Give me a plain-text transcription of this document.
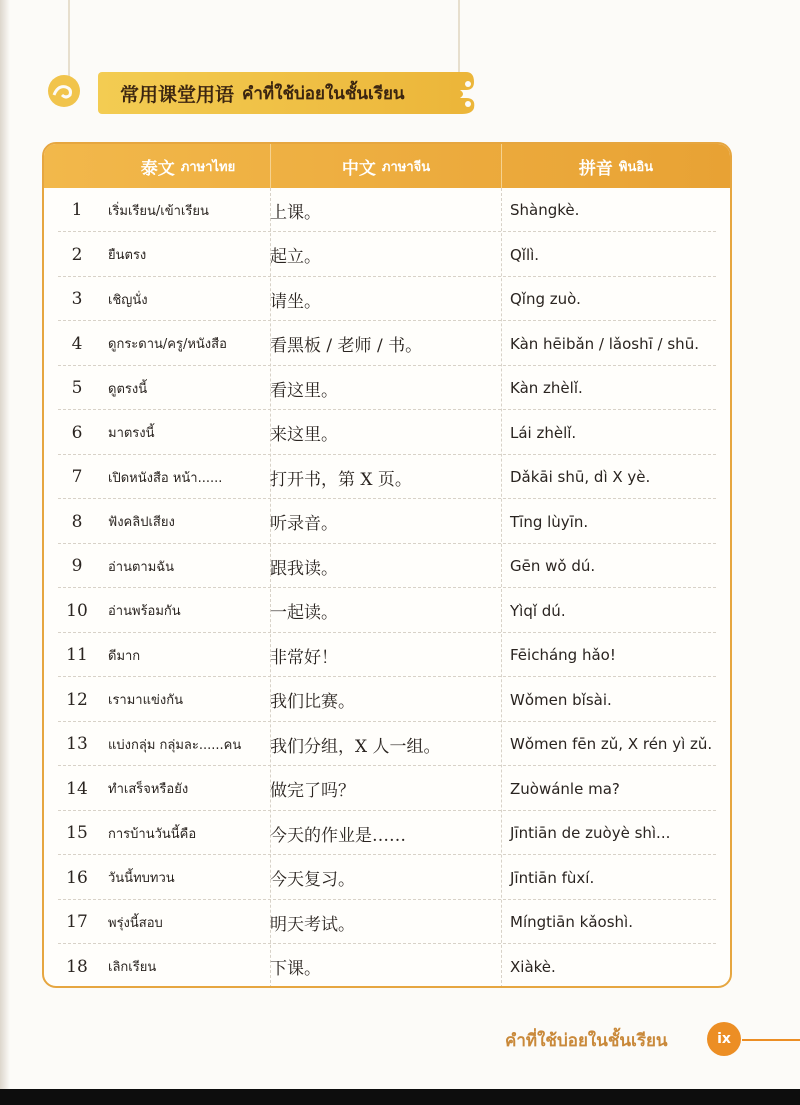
常用课堂用语 คำที่ใช้บ่อยในชั้นเรียน
泰文 ภาษาไทย	中文 ภาษาจีน	拼音 พินอิน
1	เริ่มเรียน/เข้าเรียน	上课。	Shàngkè.
2	ยืนตรง	起立。	Qǐlì.
3	เชิญนั่ง	请坐。	Qǐng zuò.
4	ดูกระดาน/ครู/หนังสือ	看黑板 / 老师 / 书。	Kàn hēibǎn / lǎoshī / shū.
5	ดูตรงนี้	看这里。	Kàn zhèlǐ.
6	มาตรงนี้	来这里。	Lái zhèlǐ.
7	เปิดหนังสือ หน้า......	打开书，第 X 页。	Dǎkāi shū, dì X yè.
8	ฟังคลิปเสียง	听录音。	Tīng lùyīn.
9	อ่านตามฉัน	跟我读。	Gēn wǒ dú.
10	อ่านพร้อมกัน	一起读。	Yìqǐ dú.
11	ดีมาก	非常好！	Fēicháng hǎo!
12	เรามาแข่งกัน	我们比赛。	Wǒmen bǐsài.
13	แบ่งกลุ่ม กลุ่มละ......คน	我们分组，X 人一组。	Wǒmen fēn zǔ, X rén yì zǔ.
14	ทำเสร็จหรือยัง	做完了吗？	Zuòwánle ma?
15	การบ้านวันนี้คือ	今天的作业是……	Jīntiān de zuòyè shì...
16	วันนี้ทบทวน	今天复习。	Jīntiān fùxí.
17	พรุ่งนี้สอบ	明天考试。	Míngtiān kǎoshì.
18	เลิกเรียน	下课。	Xiàkè.
คำที่ใช้บ่อยในชั้นเรียน	ix
